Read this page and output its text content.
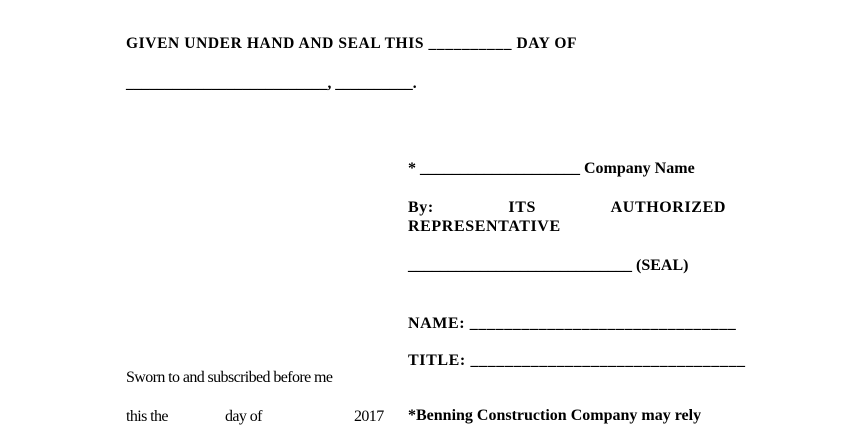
GIVEN UNDER HAND AND SEAL THIS __________ DAY OF
__________________________, __________.
* ____________________ Company Name
By:	ITS	AUTHORIZED
REPRESENTATIVE
____________________________ (SEAL)
NAME: _______________________________
TITLE: ________________________________
Sworn to and subscribed before me
this the	day of	2017 *Benning Construction Company may rely
